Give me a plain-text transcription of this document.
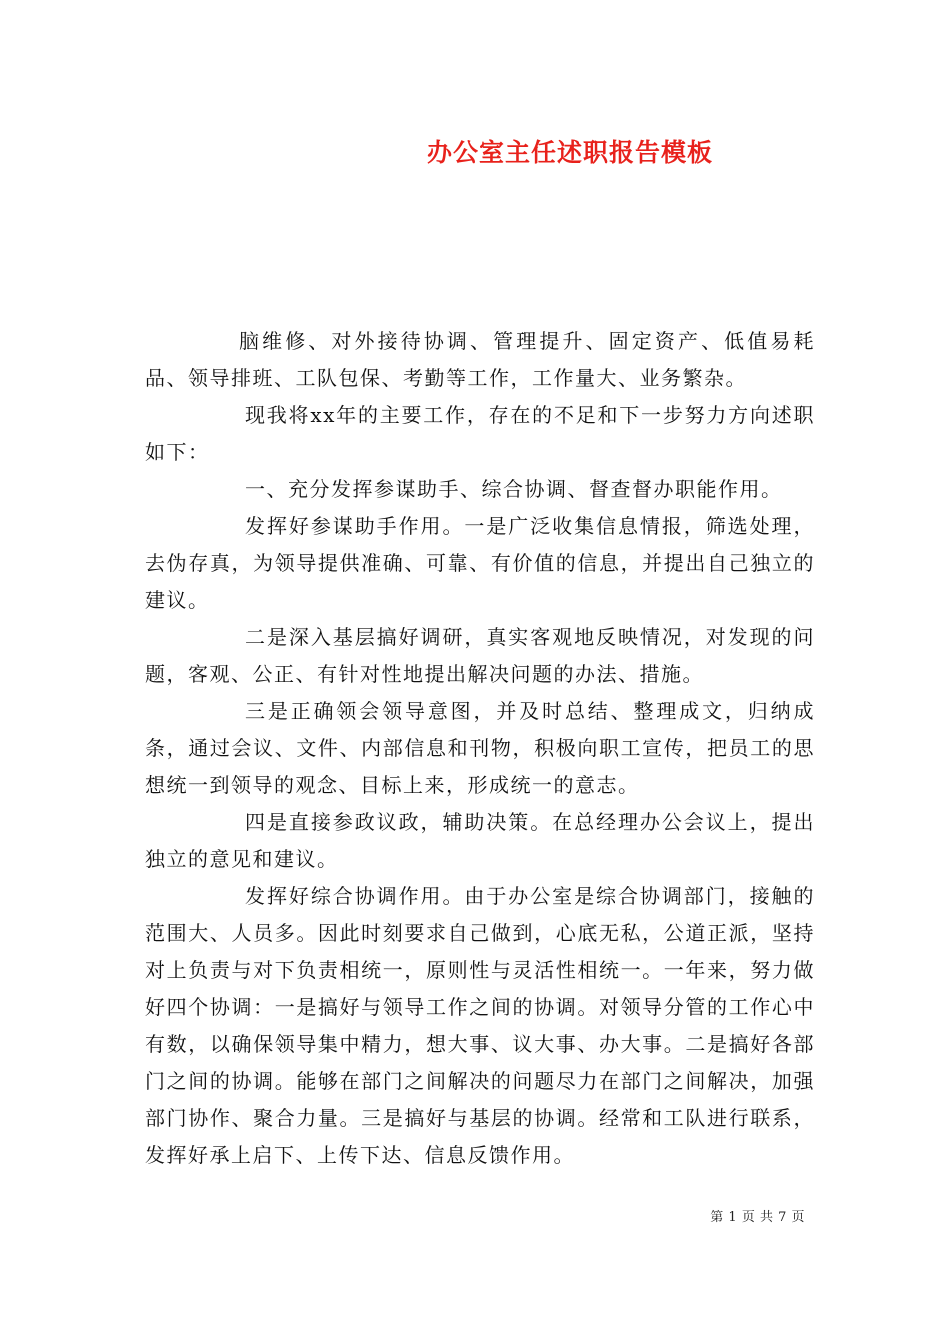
办公室主任述职报告模板

脑维修、对外接待协调、管理提升、固定资产、低值易耗品、领导排班、工队包保、考勤等工作，工作量大、业务繁杂。

现我将xx年的主要工作，存在的不足和下一步努力方向述职如下：

一、充分发挥参谋助手、综合协调、督查督办职能作用。

发挥好参谋助手作用。一是广泛收集信息情报，筛选处理，去伪存真，为领导提供准确、可靠、有价值的信息，并提出自己独立的建议。

二是深入基层搞好调研，真实客观地反映情况，对发现的问题，客观、公正、有针对性地提出解决问题的办法、措施。

三是正确领会领导意图，并及时总结、整理成文，归纳成条，通过会议、文件、内部信息和刊物，积极向职工宣传，把员工的思想统一到领导的观念、目标上来，形成统一的意志。

四是直接参政议政，辅助决策。在总经理办公会议上，提出独立的意见和建议。

发挥好综合协调作用。由于办公室是综合协调部门，接触的范围大、人员多。因此时刻要求自己做到，心底无私，公道正派，坚持对上负责与对下负责相统一，原则性与灵活性相统一。一年来，努力做好四个协调：一是搞好与领导工作之间的协调。对领导分管的工作心中有数，以确保领导集中精力，想大事、议大事、办大事。二是搞好各部门之间的协调。能够在部门之间解决的问题尽力在部门之间解决，加强部门协作、聚合力量。三是搞好与基层的协调。经常和工队进行联系，发挥好承上启下、上传下达、信息反馈作用。

第 1 页 共 7 页
